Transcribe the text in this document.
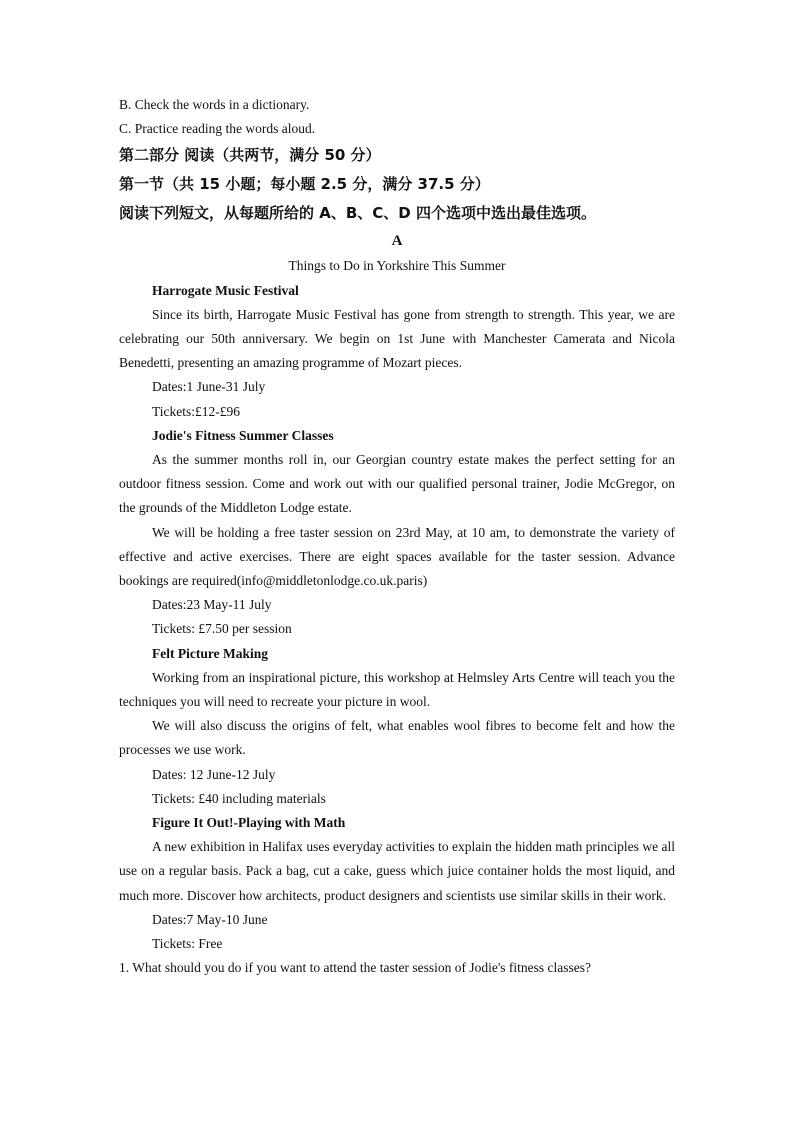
B. Check the words in a dictionary.
C. Practice reading the words aloud.
第二部分 阅读（共两节，满分 50 分）
第一节（共 15 小题；每小题 2.5 分，满分 37.5 分）
阅读下列短文，从每题所给的 A、B、C、D 四个选项中选出最佳选项。
A
Things to Do in Yorkshire This Summer
Harrogate Music Festival
Since its birth, Harrogate Music Festival has gone from strength to strength. This year, we are celebrating our 50th anniversary. We begin on 1st June with Manchester Camerata and Nicola Benedetti, presenting an amazing programme of Mozart pieces.
Dates:1 June-31 July
Tickets:£12-£96
Jodie's Fitness Summer Classes
As the summer months roll in, our Georgian country estate makes the perfect setting for an outdoor fitness session. Come and work out with our qualified personal trainer, Jodie McGregor, on the grounds of the Middleton Lodge estate.
We will be holding a free taster session on 23rd May, at 10 am, to demonstrate the variety of effective and active exercises. There are eight spaces available for the taster session. Advance bookings are required(info@middletonlodge.co.uk.paris)
Dates:23 May-11 July
Tickets: £7.50 per session
Felt Picture Making
Working from an inspirational picture, this workshop at Helmsley Arts Centre will teach you the techniques you will need to recreate your picture in wool.
We will also discuss the origins of felt, what enables wool fibres to become felt and how the processes we use work.
Dates: 12 June-12 July
Tickets: £40 including materials
Figure It Out!-Playing with Math
A new exhibition in Halifax uses everyday activities to explain the hidden math principles we all use on a regular basis. Pack a bag, cut a cake, guess which juice container holds the most liquid, and much more. Discover how architects, product designers and scientists use similar skills in their work.
Dates:7 May-10 June
Tickets: Free
1. What should you do if you want to attend the taster session of Jodie's fitness classes?
